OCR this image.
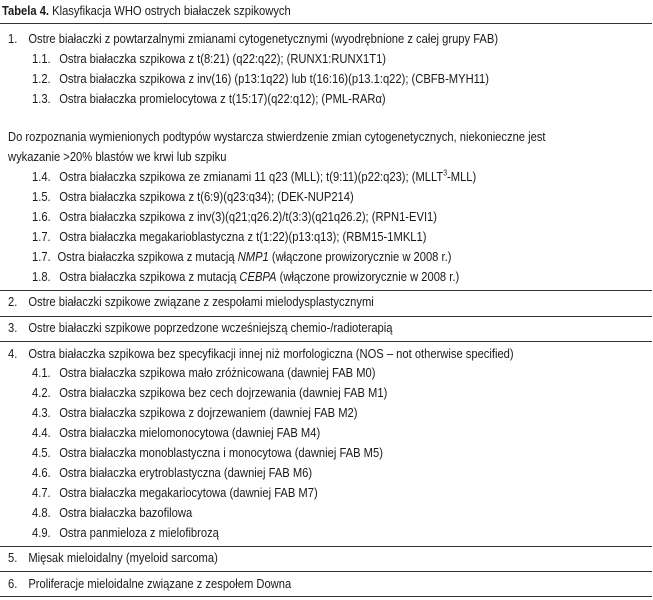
Tabela 4. Klasyfikacja WHO ostrych białaczek szpikowych
1. Ostre białaczki z powtarzalnymi zmianami cytogenetycznymi (wyodrębnione z całej grupy FAB)
1.1. Ostra białaczka szpikowa z t(8:21) (q22:q22); (RUNX1:RUNX1T1)
1.2. Ostra białaczka szpikowa z inv(16) (p13:1q22) lub t(16:16)(p13.1:q22); (CBFB-MYH11)
1.3. Ostra białaczka promielocytowa z t(15:17)(q22:q12); (PML-RARα)
Do rozpoznania wymienionych podtypów wystarcza stwierdzenie zmian cytogenetycznych, niekonieczne jest
wykazanie >20% blastów we krwi lub szpiku
1.4. Ostra białaczka szpikowa ze zmianami 11 q23 (MLL); t(9:11)(p22:q23); (MLLT$^3$-MLL)
1.5. Ostra białaczka szpikowa z t(6:9)(q23:q34); (DEK-NUP214)
1.6. Ostra białaczka szpikowa z inv(3)(q21;q26.2)/t(3:3)(q21q26.2); (RPN1-EVI1)
1.7. Ostra białaczka megakarioblastyczna z t(1:22)(p13:q13); (RBM15-1MKL1)
1.7. Ostra białaczka szpikowa z mutacją NMP1 (włączone prowizorycznie w 2008 r.)
1.8. Ostra białaczka szpikowa z mutacją CEBPA (włączone prowizorycznie w 2008 r.)
2. Ostre białaczki szpikowe związane z zespołami mielodysplastycznymi
3. Ostre białaczki szpikowe poprzedzone wcześniejszą chemio-/radioterapią
4. Ostra białaczka szpikowa bez specyfikacji innej niż morfologiczna (NOS – not otherwise specified)
4.1. Ostra białaczka szpikowa mało zróżnicowana (dawniej FAB M0)
4.2. Ostra białaczka szpikowa bez cech dojrzewania (dawniej FAB M1)
4.3. Ostra białaczka szpikowa z dojrzewaniem (dawniej FAB M2)
4.4. Ostra białaczka mielomonocytowa (dawniej FAB M4)
4.5. Ostra białaczka monoblastyczna i monocytowa (dawniej FAB M5)
4.6. Ostra białaczka erytroblastyczna (dawniej FAB M6)
4.7. Ostra białaczka megakariocytowa (dawniej FAB M7)
4.8. Ostra białaczka bazofilowa
4.9. Ostra panmieloza z mielofibrozą
5. Mięsak mieloidalny (myeloid sarcoma)
6. Proliferacje mieloidalne związane z zespołem Downa
